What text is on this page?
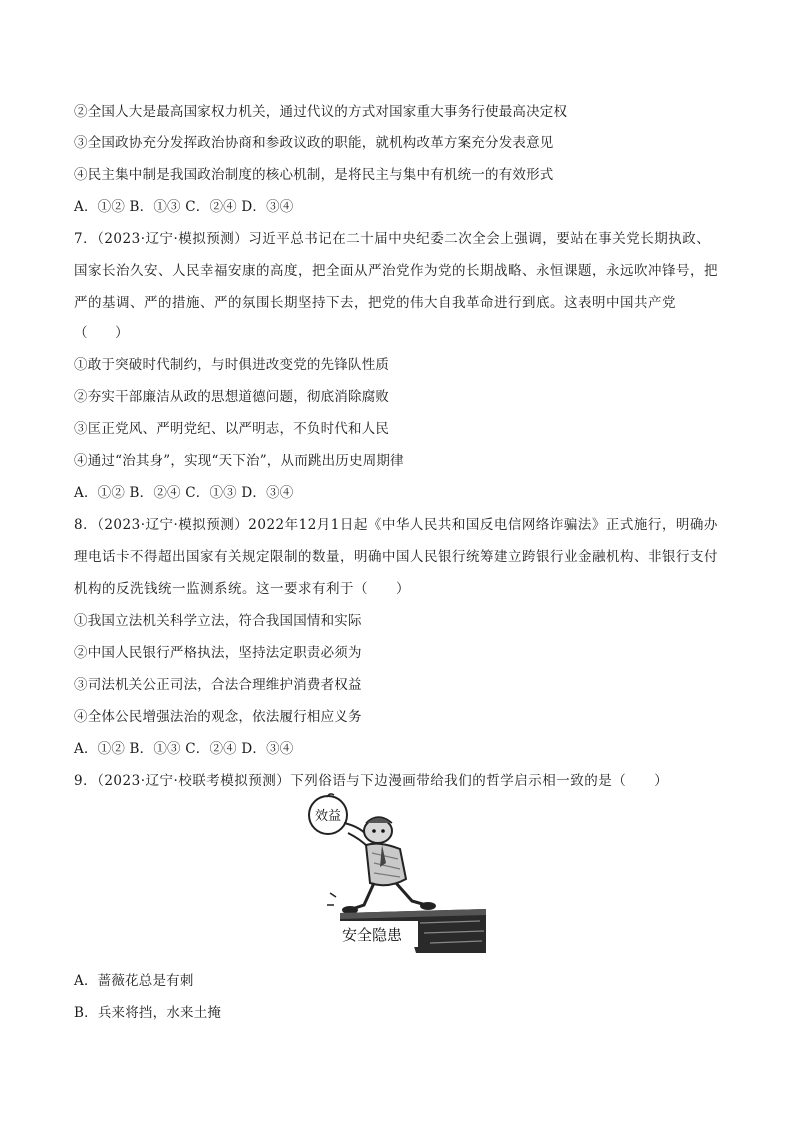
②全国人大是最高国家权力机关，通过代议的方式对国家重大事务行使最高决定权
③全国政协充分发挥政治协商和参政议政的职能，就机构改革方案充分发表意见
④民主集中制是我国政治制度的核心机制，是将民主与集中有机统一的有效形式
A．①② B．①③ C．②④ D．③④
7．（2023·辽宁·模拟预测）习近平总书记在二十届中央纪委二次全会上强调，要站在事关党长期执政、
国家长治久安、人民幸福安康的高度，把全面从严治党作为党的长期战略、永恒课题，永远吹冲锋号，把
严的基调、严的措施、严的氛围长期坚持下去，把党的伟大自我革命进行到底。这表明中国共产党
（　　）
①敢于突破时代制约，与时俱进改变党的先锋队性质
②夯实干部廉洁从政的思想道德问题，彻底消除腐败
③匡正党风、严明党纪、以严明志，不负时代和人民
④通过“治其身”，实现“天下治”，从而跳出历史周期律
A．①② B．②④ C．①③ D．③④
8．（2023·辽宁·模拟预测）2022年12月1日起《中华人民共和国反电信网络诈骗法》正式施行，明确办
理电话卡不得超出国家有关规定限制的数量，明确中国人民银行统筹建立跨银行业金融机构、非银行支付
机构的反洗钱统一监测系统。这一要求有利于（　　）
①我国立法机关科学立法，符合我国国情和实际
②中国人民银行严格执法，坚持法定职责必须为
③司法机关公正司法，合法合理维护消费者权益
④全体公民增强法治的观念，依法履行相应义务
A．①② B．①③ C．②④ D．③④
9．（2023·辽宁·校联考模拟预测）下列俗语与下边漫画带给我们的哲学启示相一致的是（　　）
效益
安全隐患
A．蔷薇花总是有刺
B．兵来将挡，水来土掩
